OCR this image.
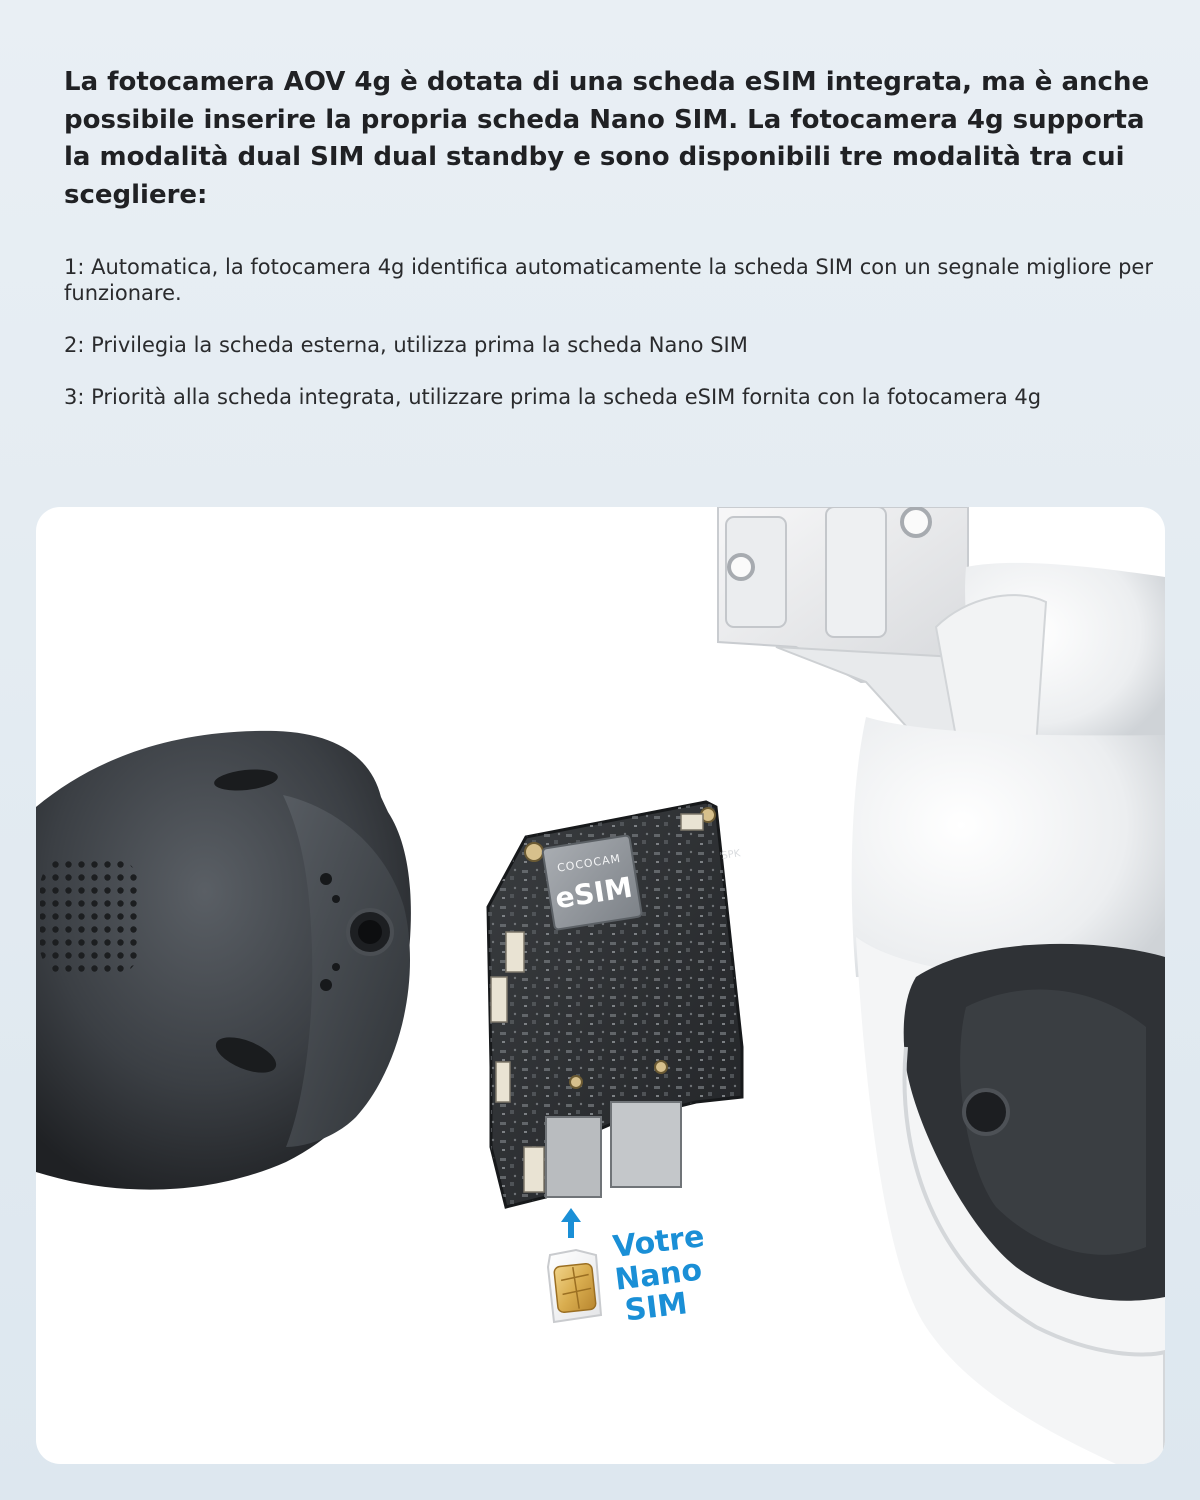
La fotocamera AOV 4g è dotata di una scheda eSIM integrata, ma è anche possibile inserire la propria scheda Nano SIM. La fotocamera 4g supporta la modalità dual SIM dual standby e sono disponibili tre modalità tra cui scegliere:
1: Automatica, la fotocamera 4g identifica automaticamente la scheda SIM con un segnale migliore per funzionare.
2: Privilegia la scheda esterna, utilizza prima la scheda Nano SIM
3: Priorità alla scheda integrata, utilizzare prima la scheda eSIM fornita con la fotocamera 4g
COCOCAM
eSIM
SPK
Votre
Nano
SIM
